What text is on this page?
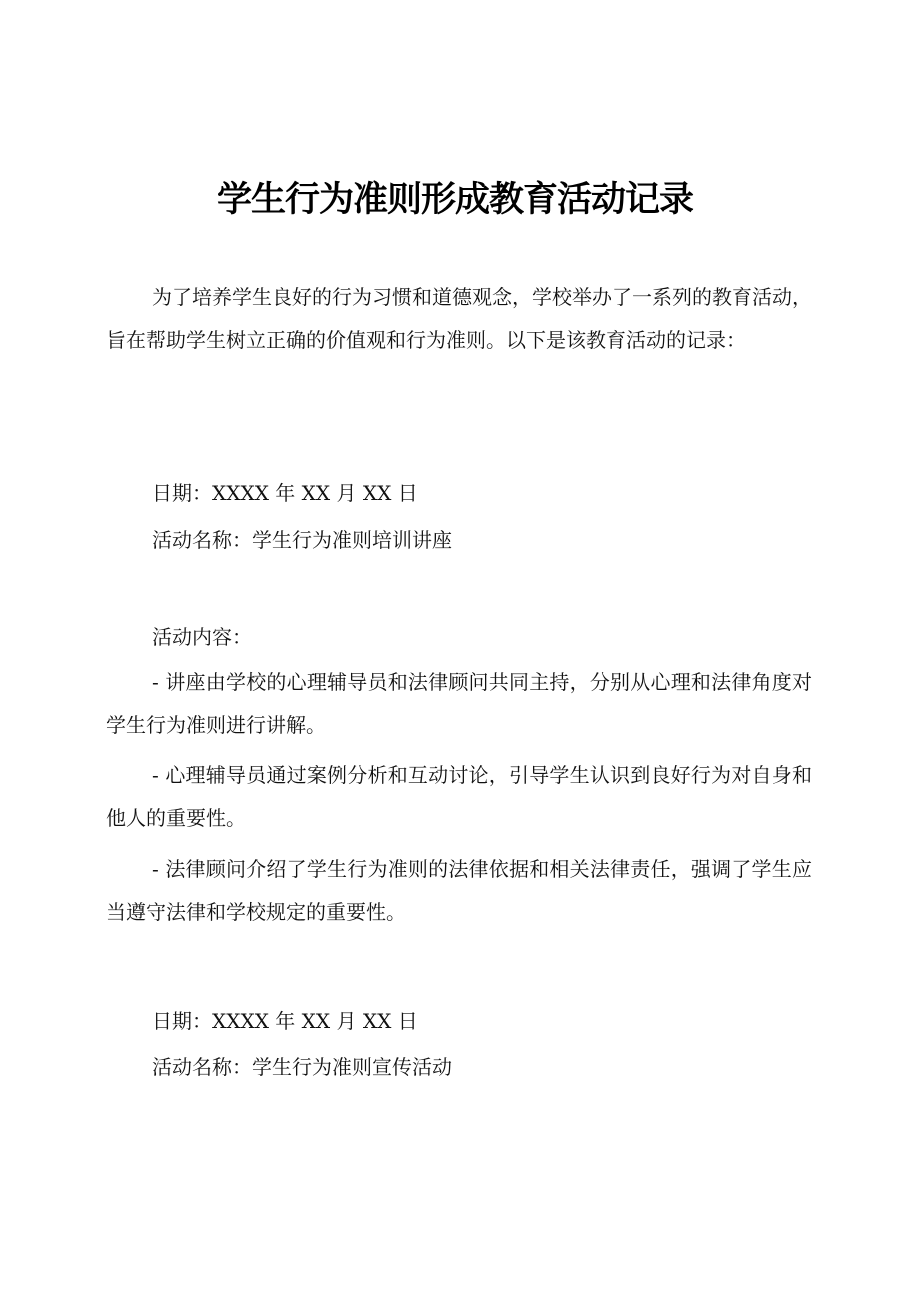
学生行为准则形成教育活动记录

为了培养学生良好的行为习惯和道德观念，学校举办了一系列的教育活动，旨在帮助学生树立正确的价值观和行为准则。以下是该教育活动的记录：

日期：XXXX 年 XX 月 XX 日

活动名称：学生行为准则培训讲座

活动内容：

- 讲座由学校的心理辅导员和法律顾问共同主持，分别从心理和法律角度对学生行为准则进行讲解。

- 心理辅导员通过案例分析和互动讨论，引导学生认识到良好行为对自身和他人的重要性。

- 法律顾问介绍了学生行为准则的法律依据和相关法律责任，强调了学生应当遵守法律和学校规定的重要性。

日期：XXXX 年 XX 月 XX 日

活动名称：学生行为准则宣传活动
